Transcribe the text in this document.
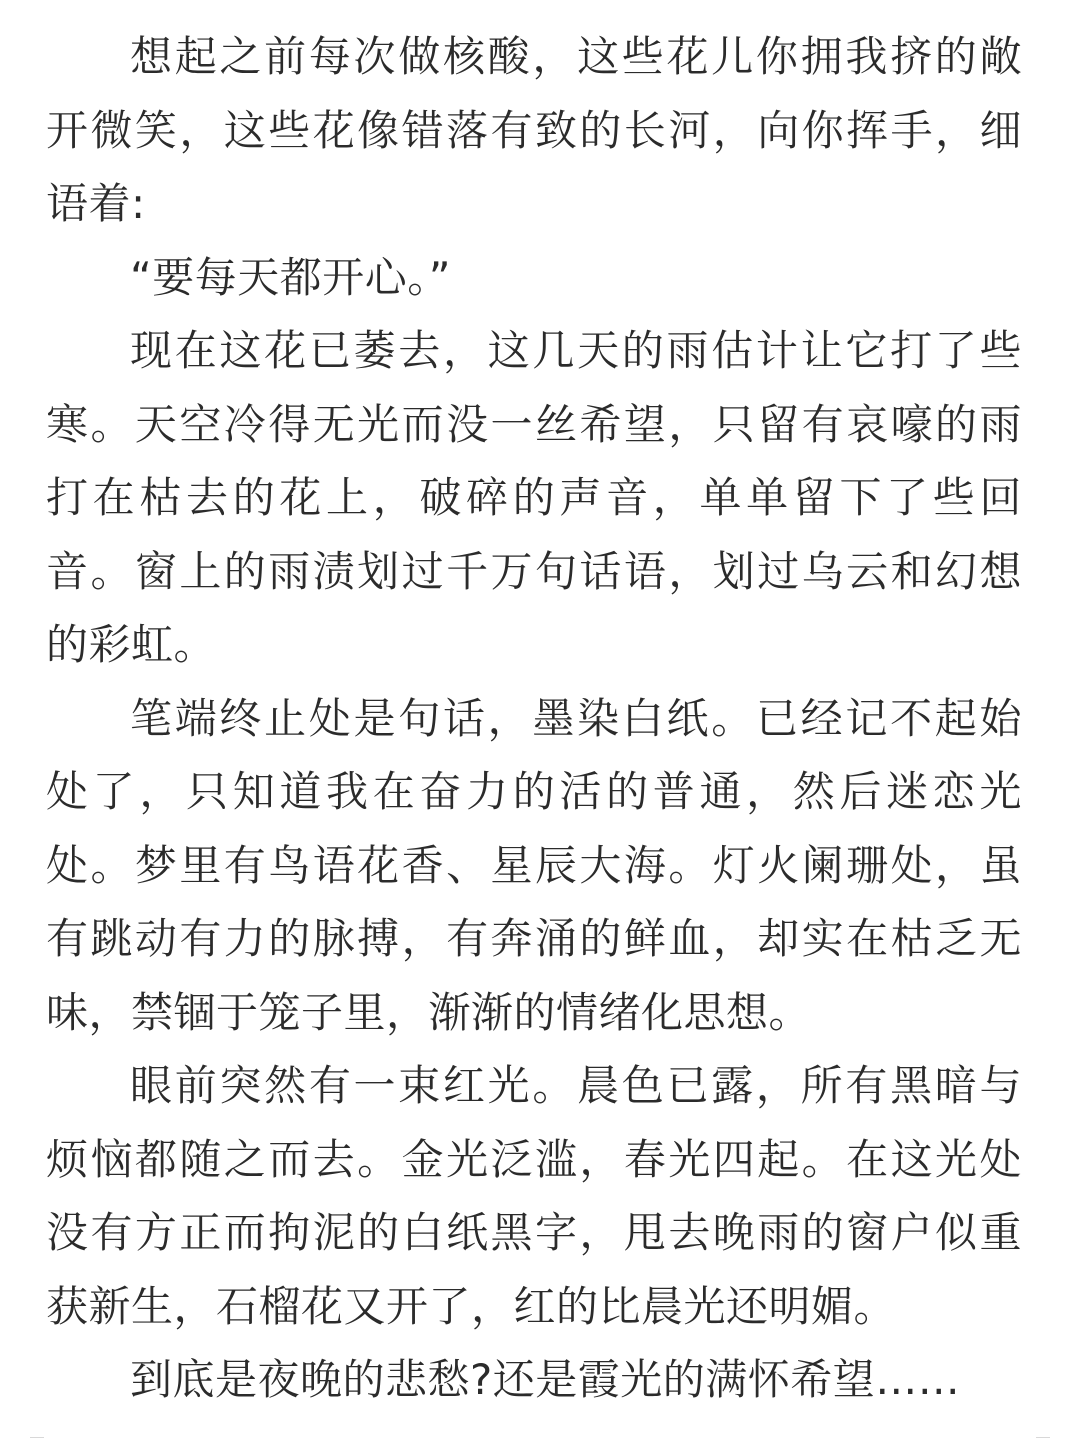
想起之前每次做核酸，这些花儿你拥我挤的敞开微笑，这些花像错落有致的长河，向你挥手，细语着:

“要每天都开心。”

现在这花已萎去，这几天的雨估计让它打了些寒。天空冷得无光而没一丝希望，只留有哀嚎的雨打在枯去的花上，破碎的声音，单单留下了些回音。窗上的雨渍划过千万句话语，划过乌云和幻想的彩虹。

笔端终止处是句话，墨染白纸。已经记不起始处了，只知道我在奋力的活的普通，然后迷恋光处。梦里有鸟语花香、星辰大海。灯火阑珊处，虽有跳动有力的脉搏，有奔涌的鲜血，却实在枯乏无味，禁锢于笼子里，渐渐的情绪化思想。

眼前突然有一束红光。晨色已露，所有黑暗与烦恼都随之而去。金光泛滥，春光四起。在这光处没有方正而拘泥的白纸黑字，甩去晚雨的窗户似重获新生，石榴花又开了，红的比晨光还明媚。

到底是夜晚的悲愁?还是霞光的满怀希望……
